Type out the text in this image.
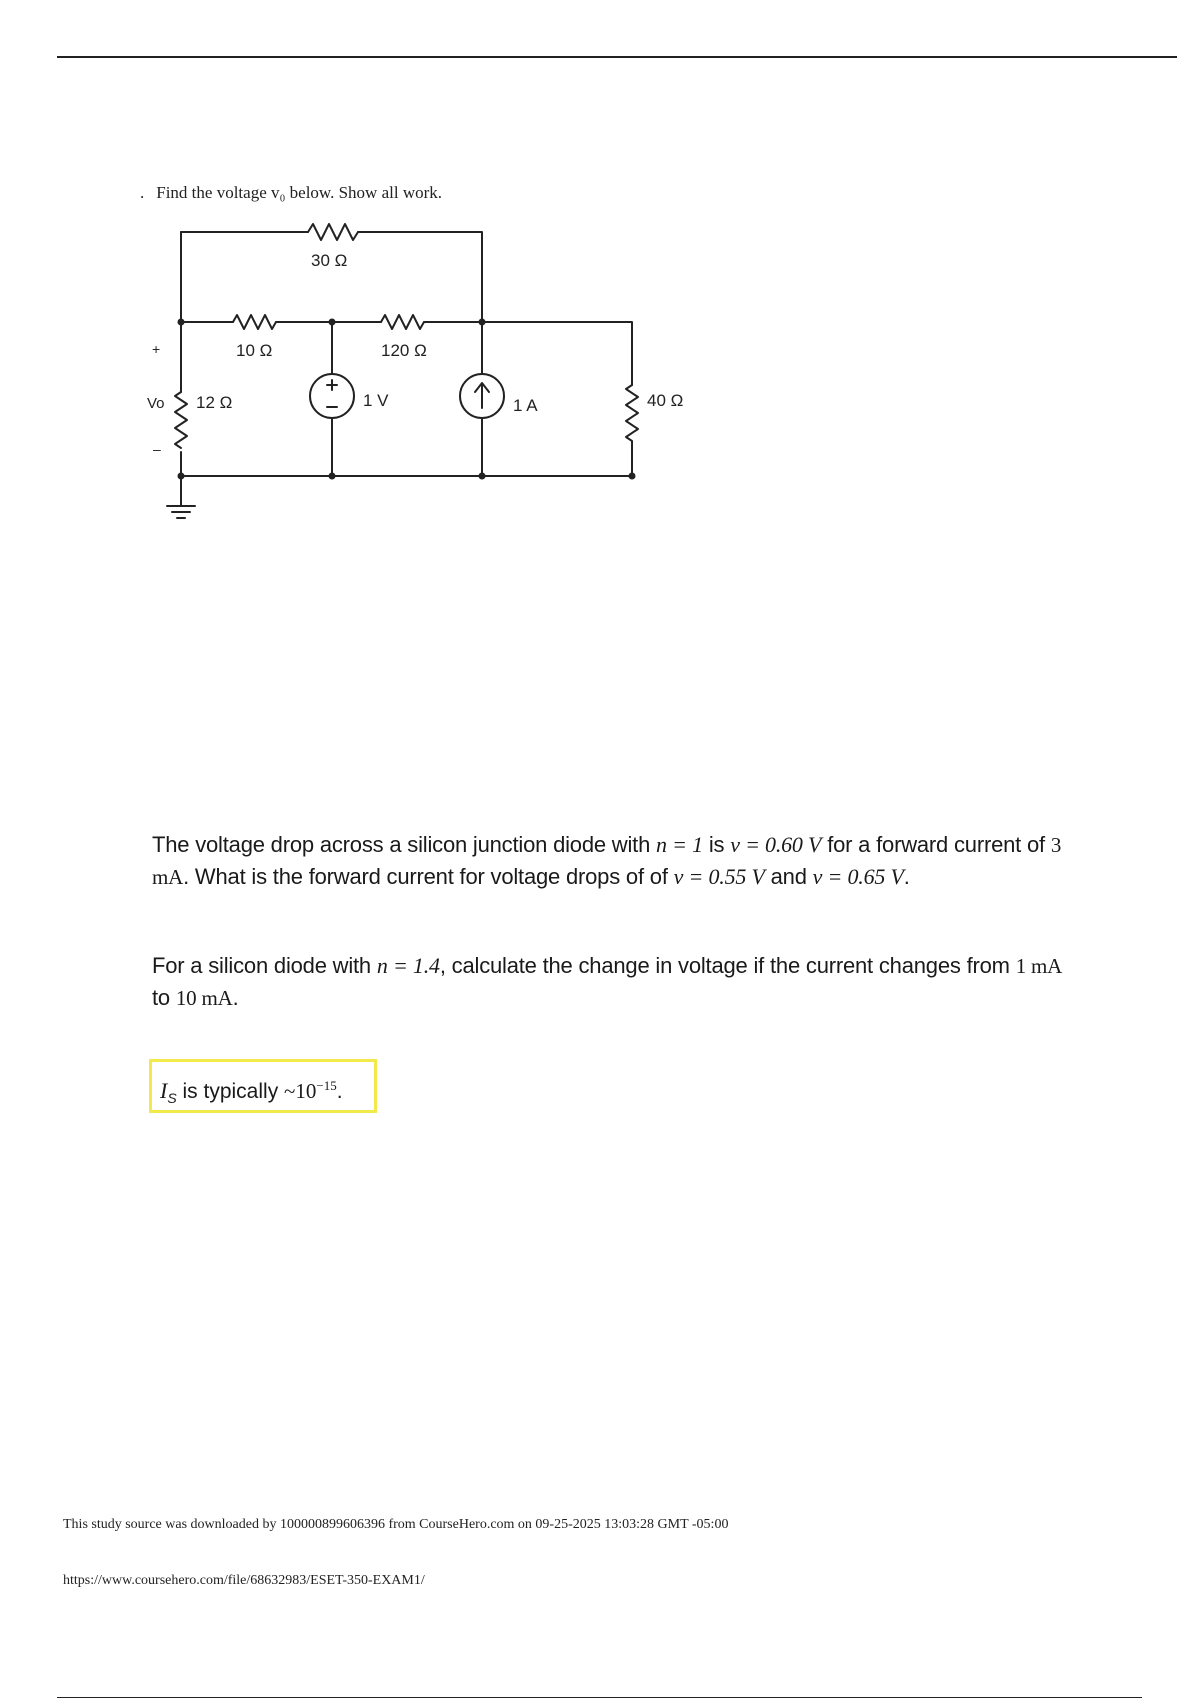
. Find the voltage v₀ below. Show all work.
30 Ω
10 Ω	120 Ω
12 Ω	40 Ω
1 V	1 A
Vo
+
–
The voltage drop across a silicon junction diode with n = 1 is v = 0.60 V for a forward current of 3 mA. What is the forward current for voltage drops of of v = 0.55 V and v = 0.65 V.
For a silicon diode with n = 1.4, calculate the change in voltage if the current changes from 1 mA to 10 mA.
$I_S$ is typically $\sim 10^{-15}$.
This study source was downloaded by 100000899606396 from CourseHero.com on 09-25-2025 13:03:28 GMT -05:00
https://www.coursehero.com/file/68632983/ESET-350-EXAM1/
